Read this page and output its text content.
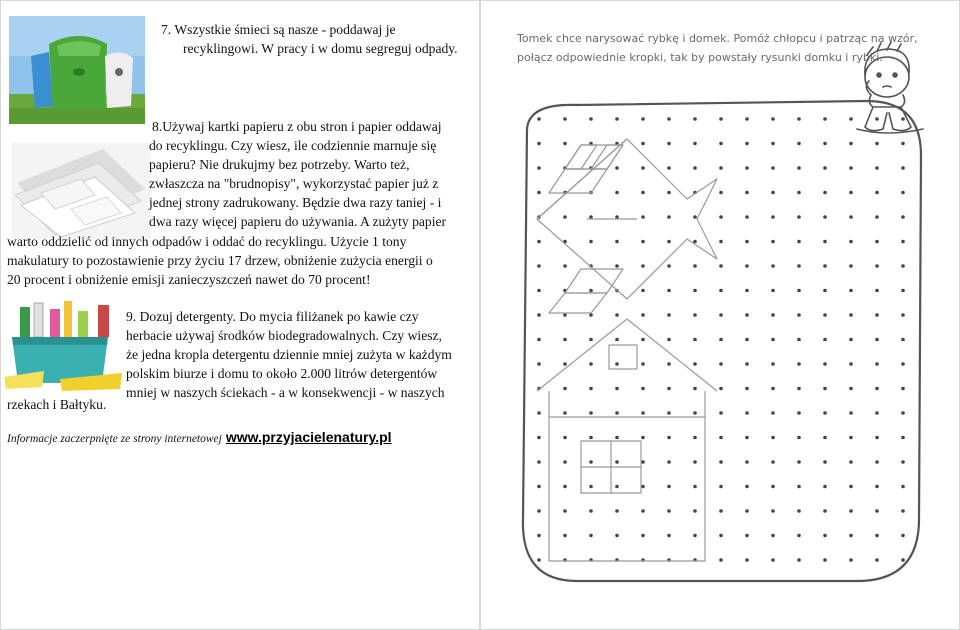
7. Wszystkie śmieci są nasze - poddawaj je
recyklingowi. W pracy i w domu segreguj odpady.
8.Używaj kartki papieru z obu stron i papier oddawaj
do recyklingu. Czy wiesz, ile codziennie marnuje się
papieru? Nie drukujmy bez potrzeby. Warto też,
zwłaszcza na "brudnopisy", wykorzystać papier już z
jednej strony zadrukowany. Będzie dwa razy taniej - i
dwa razy więcej papieru do używania. A zużyty papier
warto oddzielić od innych odpadów i oddać do recyklingu. Użycie 1 tony
makulatury to pozostawienie przy życiu 17 drzew, obniżenie zużycia energii o
20 procent i obniżenie emisji zanieczyszczeń nawet do 70 procent!
9. Dozuj detergenty. Do mycia filiżanek po kawie czy
herbacie używaj środków biodegradowalnych. Czy wiesz,
że jedna kropla detergentu dziennie mniej zużyta w każdym
polskim biurze i domu to około 2.000 litrów detergentów
mniej w naszych ściekach - a w konsekwencji - w naszych
rzekach i Bałtyku.
Informacje zaczerpnięte ze strony internetowej www.przyjacielenatury.pl
Tomek chce narysować rybkę i domek. Pomóż chłopcu i patrząc na wzór,
połącz odpowiednie kropki, tak by powstały rysunki domku i rybki.
